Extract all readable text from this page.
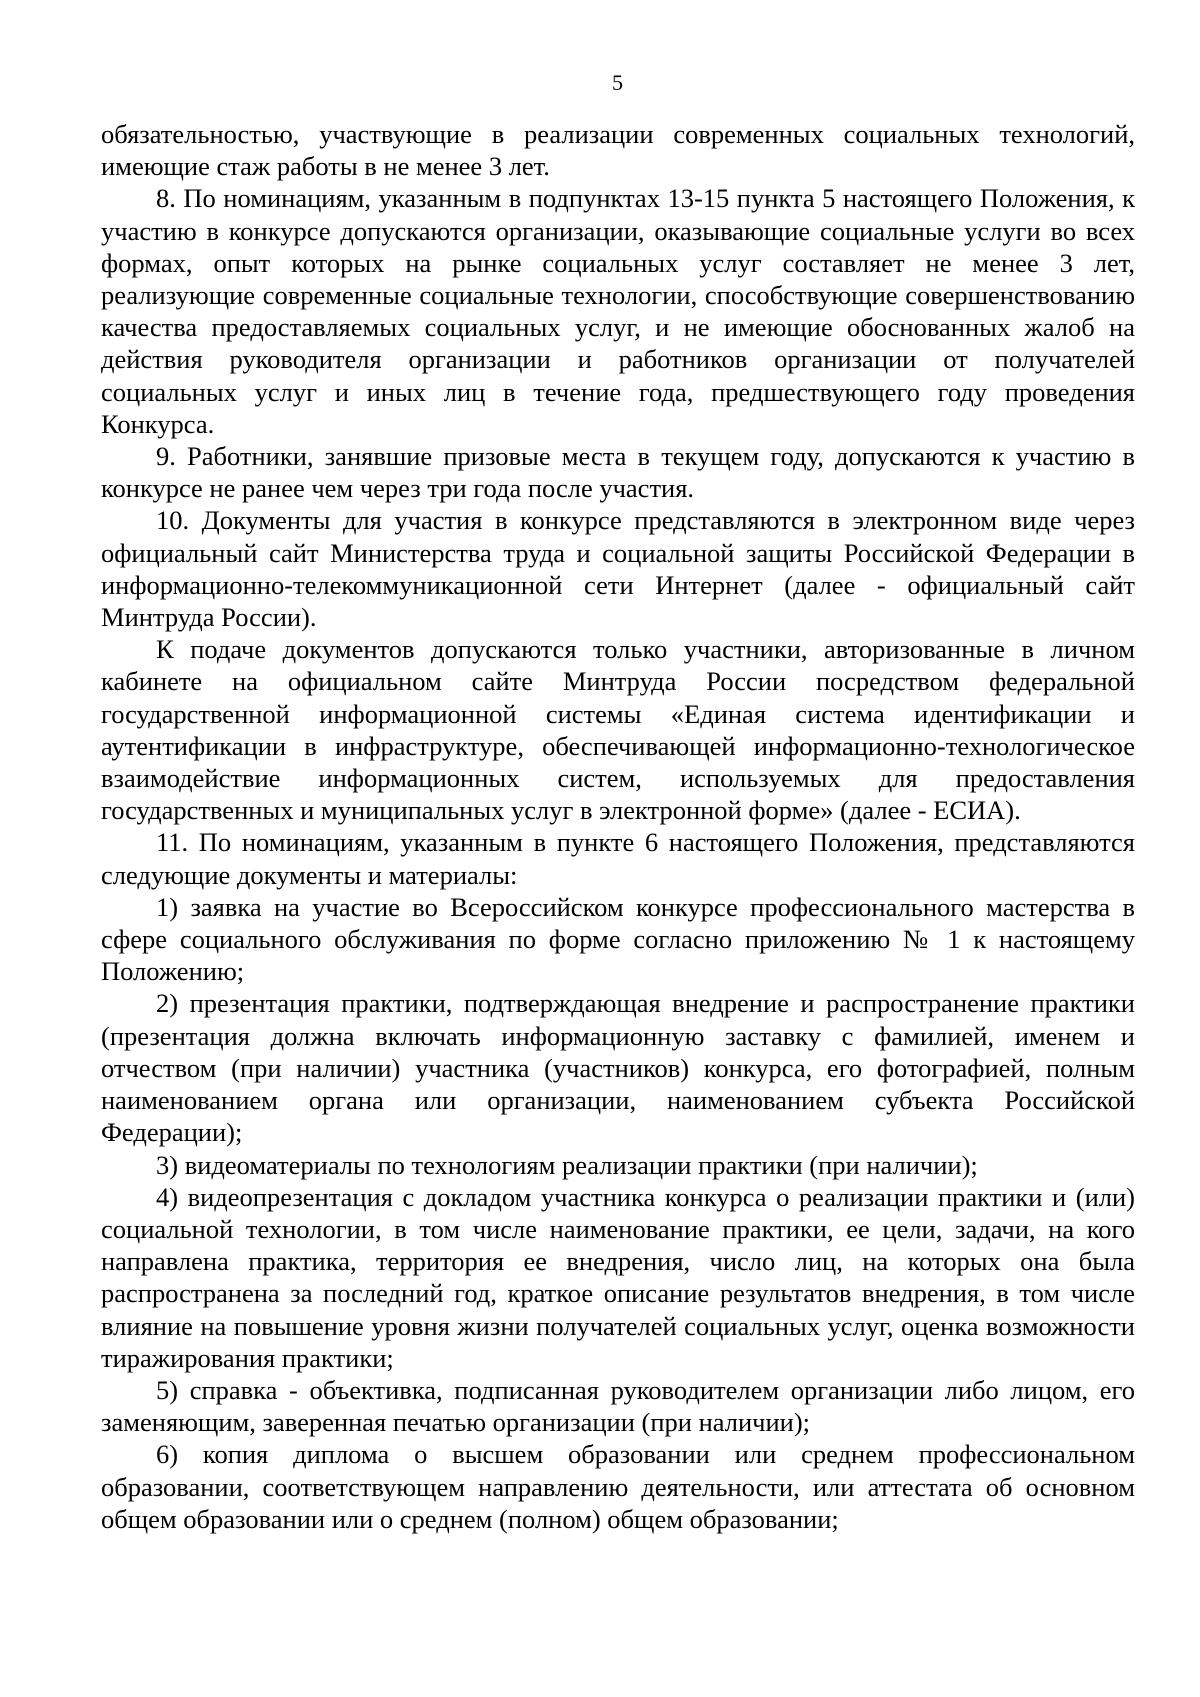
5

обязательностью, участвующие в реализации современных социальных технологий, имеющие стаж работы в не менее 3 лет.

8. По номинациям, указанным в подпунктах 13-15 пункта 5 настоящего Положения, к участию в конкурсе допускаются организации, оказывающие социальные услуги во всех формах, опыт которых на рынке социальных услуг составляет не менее 3 лет, реализующие современные социальные технологии, способствующие совершенствованию качества предоставляемых социальных услуг, и не имеющие обоснованных жалоб на действия руководителя организации и работников организации от получателей социальных услуг и иных лиц в течение года, предшествующего году проведения Конкурса.

9. Работники, занявшие призовые места в текущем году, допускаются к участию в конкурсе не ранее чем через три года после участия.

10. Документы для участия в конкурсе представляются в электронном виде через официальный сайт Министерства труда и социальной защиты Российской Федерации в информационно-телекоммуникационной сети Интернет (далее - официальный сайт Минтруда России).

К подаче документов допускаются только участники, авторизованные в личном кабинете на официальном сайте Минтруда России посредством федеральной государственной информационной системы «Единая система идентификации и аутентификации в инфраструктуре, обеспечивающей информационно-технологическое взаимодействие информационных систем, используемых для предоставления государственных и муниципальных услуг в электронной форме» (далее - ЕСИА).

11. По номинациям, указанным в пункте 6 настоящего Положения, представляются следующие документы и материалы:

1) заявка на участие во Всероссийском конкурсе профессионального мастерства в сфере социального обслуживания по форме согласно приложению № 1 к настоящему Положению;

2) презентация практики, подтверждающая внедрение и распространение практики (презентация должна включать информационную заставку с фамилией, именем и отчеством (при наличии) участника (участников) конкурса, его фотографией, полным наименованием органа или организации, наименованием субъекта Российской Федерации);

3) видеоматериалы по технологиям реализации практики (при наличии);

4) видеопрезентация с докладом участника конкурса о реализации практики и (или) социальной технологии, в том числе наименование практики, ее цели, задачи, на кого направлена практика, территория ее внедрения, число лиц, на которых она была распространена за последний год, краткое описание результатов внедрения, в том числе влияние на повышение уровня жизни получателей социальных услуг, оценка возможности тиражирования практики;

5) справка - объективка, подписанная руководителем организации либо лицом, его заменяющим, заверенная печатью организации (при наличии);

6) копия диплома о высшем образовании или среднем профессиональном образовании, соответствующем направлению деятельности, или аттестата об основном общем образовании или о среднем (полном) общем образовании;
